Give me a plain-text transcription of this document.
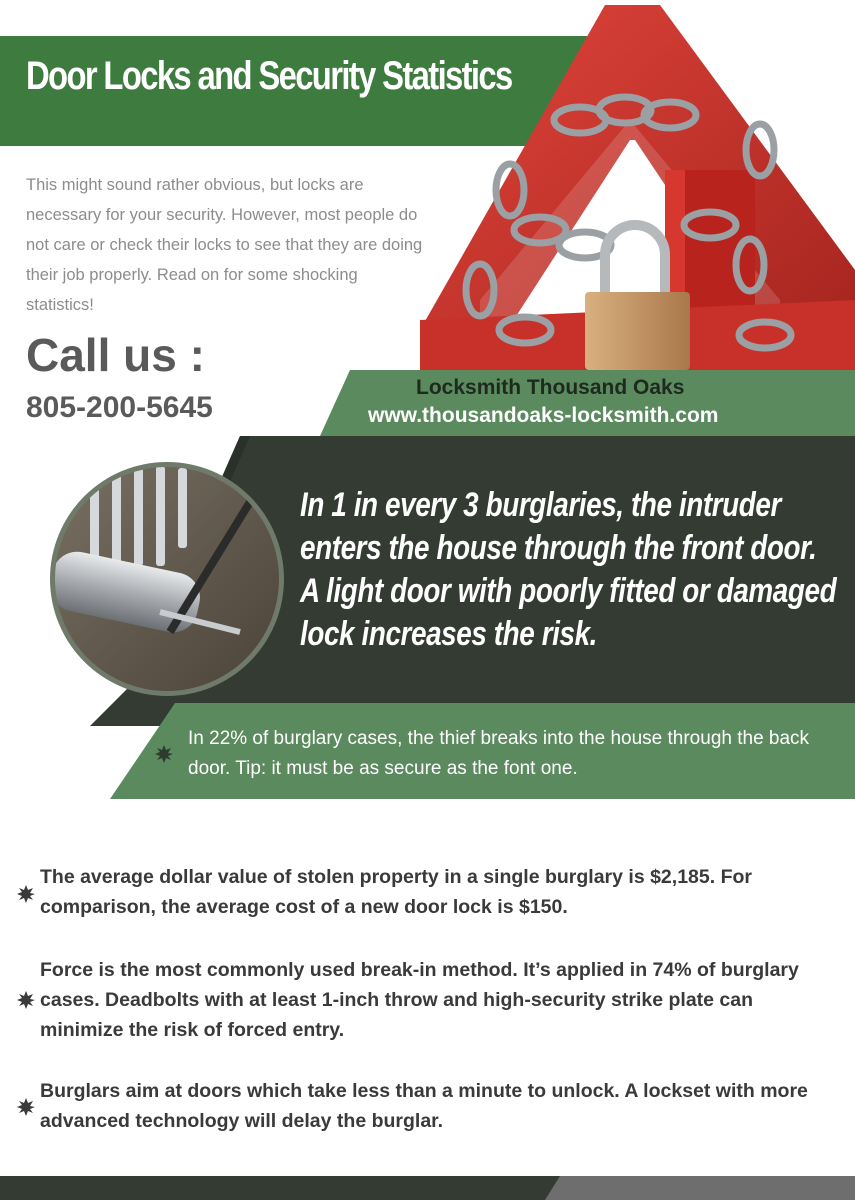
Door Locks and Security Statistics
This might sound rather obvious, but locks are necessary for your security. However, most people do not care or check their locks to see that they are doing their job properly. Read on for some shocking statistics!
Call us :
805-200-5645
Locksmith Thousand Oaks
www.thousandoaks-locksmith.com
In 1 in every 3 burglaries, the intruder enters the house through the front door. A light door with poorly fitted or damaged lock increases the risk.
In 22% of burglary cases, the thief breaks into the house through the back door. Tip: it must be as secure as the font one.
The average dollar value of stolen property in a single burglary is $2,185. For comparison, the average cost of a new door lock is $150.
Force is the most commonly used break-in method. It’s applied in 74% of burglary cases. Deadbolts with at least 1-inch throw and high-security strike plate can minimize the risk of forced entry.
Burglars aim at doors which take less than a minute to unlock. A lockset with more advanced technology will delay the burglar.
